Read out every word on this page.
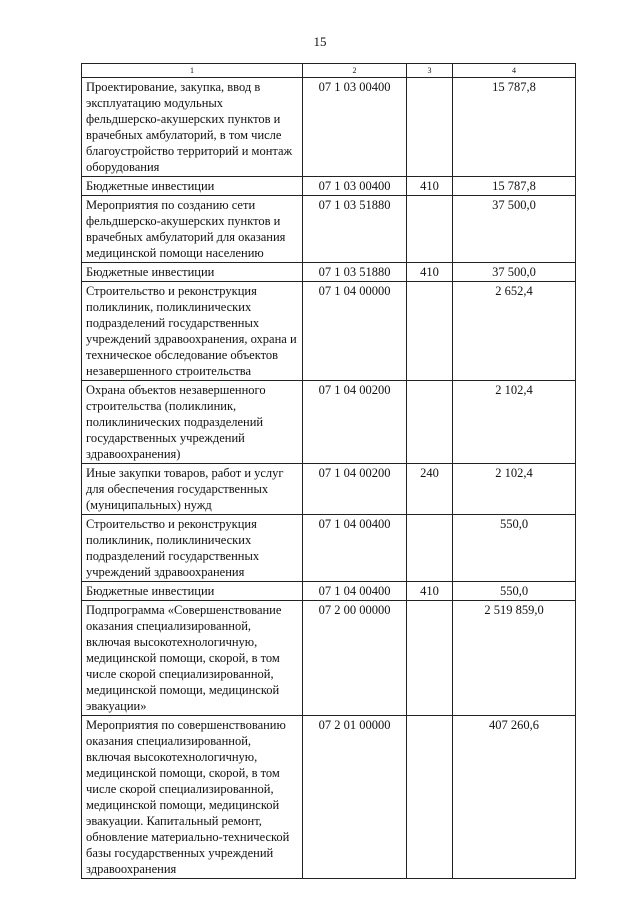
15
1	2	3	4
Проектирование, закупка, ввод в эксплуатацию модульных фельдшерско-акушерских пунктов и врачебных амбулаторий, в том числе благоустройство территорий и монтаж оборудования	07 1 03 00400		15 787,8
Бюджетные инвестиции	07 1 03 00400	410	15 787,8
Мероприятия по созданию сети фельдшерско-акушерских пунктов и врачебных амбулаторий для оказания медицинской помощи населению	07 1 03 51880		37 500,0
Бюджетные инвестиции	07 1 03 51880	410	37 500,0
Строительство и реконструкция поликлиник, поликлинических подразделений государственных учреждений здравоохранения, охрана и техническое обследование объектов незавершенного строительства	07 1 04 00000		2 652,4
Охрана объектов незавершенного строительства (поликлиник, поликлинических подразделений государственных учреждений здравоохранения)	07 1 04 00200		2 102,4
Иные закупки товаров, работ и услуг для обеспечения государственных (муниципальных) нужд	07 1 04 00200	240	2 102,4
Строительство и реконструкция поликлиник, поликлинических подразделений государственных учреждений здравоохранения	07 1 04 00400		550,0
Бюджетные инвестиции	07 1 04 00400	410	550,0
Подпрограмма «Совершенствование оказания специализированной, включая высокотехнологичную, медицинской помощи, скорой, в том числе скорой специализированной, медицинской помощи, медицинской эвакуации»	07 2 00 00000		2 519 859,0
Мероприятия по совершенствованию оказания специализированной, включая высокотехнологичную, медицинской помощи, скорой, в том числе скорой специализированной, медицинской помощи, медицинской эвакуации. Капитальный ремонт, обновление материально-технической базы государственных учреждений здравоохранения	07 2 01 00000		407 260,6
